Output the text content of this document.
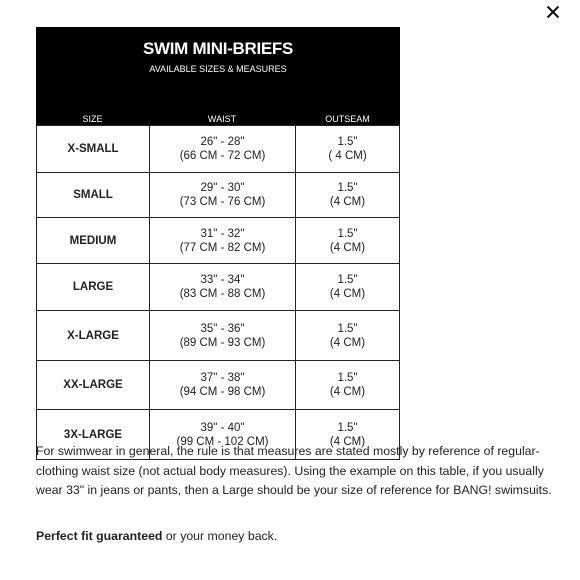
SWIM MINI-BRIEFS
AVAILABLE SIZES & MEASURES
SIZE	WAIST	OUTSEAM
X-SMALL
26" - 28"
(66 CM - 72 CM)
1.5"
( 4 CM)
SMALL
29" - 30"
(73 CM - 76 CM)
1.5"
(4 CM)
MEDIUM
31" - 32"
(77 CM - 82 CM)
1.5"
(4 CM)
LARGE
33" - 34"
(83 CM - 88 CM)
1.5"
(4 CM)
X-LARGE
35" - 36"
(89 CM - 93 CM)
1.5"
(4 CM)
XX-LARGE
37" - 38"
(94 CM - 98 CM)
1.5"
(4 CM)
3X-LARGE
39" - 40"
(99 CM - 102 CM)
1.5"
(4 CM)

For swimwear in general, the rule is that measures are stated mostly by reference of regular-clothing waist size (not actual body measures). Using the example on this table, if you usually wear 33" in jeans or pants, then a Large should be your size of reference for BANG! swimsuits.

Perfect fit guaranteed or your money back.
